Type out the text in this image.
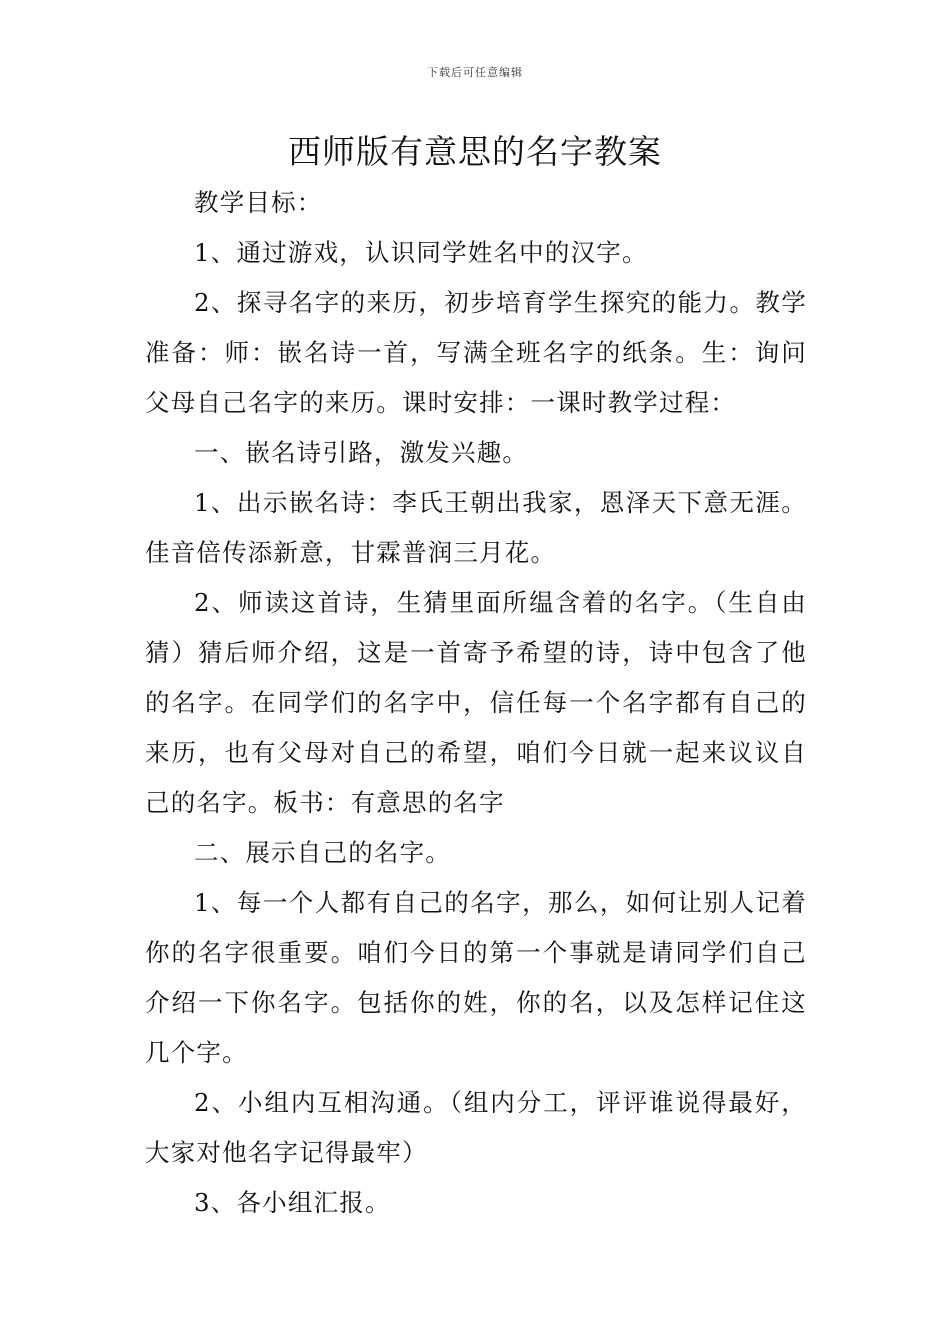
下载后可任意编辑
西师版有意思的名字教案

教学目标：

1、通过游戏，认识同学姓名中的汉字。

2、探寻名字的来历，初步培育学生探究的能力。教学准备：师：嵌名诗一首，写满全班名字的纸条。生：询问父母自己名字的来历。课时安排：一课时教学过程：

一、嵌名诗引路，激发兴趣。

1、出示嵌名诗：李氏王朝出我家，恩泽天下意无涯。佳音倍传添新意，甘霖普润三月花。

2、师读这首诗，生猜里面所缊含着的名字。（生自由猜）猜后师介绍，这是一首寄予希望的诗，诗中包含了他的名字。在同学们的名字中，信任每一个名字都有自己的来历，也有父母对自己的希望，咱们今日就一起来议议自己的名字。板书：有意思的名字

二、展示自己的名字。

1、每一个人都有自己的名字，那么，如何让别人记着你的名字很重要。咱们今日的第一个事就是请同学们自己介绍一下你名字。包括你的姓，你的名，以及怎样记住这几个字。

2、小组内互相沟通。（组内分工，评评谁说得最好，大家对他名字记得最牢）

3、各小组汇报。
